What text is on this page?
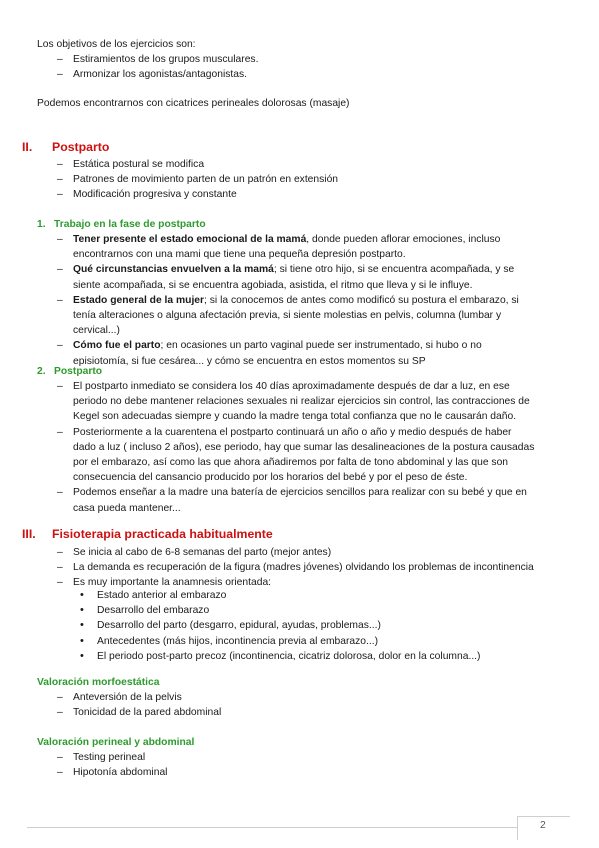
Los objetivos de los ejercicios son:
– Estiramientos de los grupos musculares.
– Armonizar los agonistas/antagonistas.
Podemos encontrarnos con cicatrices perineales dolorosas (masaje)
II. Postparto
– Estática postural se modifica
– Patrones de movimiento parten de un patrón en extensión
– Modificación progresiva y constante
1. Trabajo en la fase de postparto
– Tener presente el estado emocional de la mamá, donde pueden aflorar emociones, incluso encontrarnos con una mami que tiene una pequeña depresión postparto.
– Qué circunstancias envuelven a la mamá; si tiene otro hijo, si se encuentra acompañada, y se siente acompañada, si se encuentra agobiada, asistida, el ritmo que lleva y si le influye.
– Estado general de la mujer; si la conocemos de antes como modificó su postura el embarazo, si tenía alteraciones o alguna afectación previa, si siente molestias en pelvis, columna (lumbar y cervical...)
– Cómo fue el parto; en ocasiones un parto vaginal puede ser instrumentado, si hubo o no episiotomía, si fue cesárea... y cómo se encuentra en estos momentos su SP
2. Postparto
– El postparto inmediato se considera los 40 días aproximadamente después de dar a luz, en ese periodo no debe mantener relaciones sexuales ni realizar ejercicios sin control, las contracciones de Kegel son adecuadas siempre y cuando la madre tenga total confianza que no le causarán daño.
– Posteriormente a la cuarentena el postparto continuará un año o año y medio después de haber dado a luz ( incluso 2 años), ese periodo, hay que sumar las desalineaciones de la postura causadas por el embarazo, así como las que ahora añadiremos por falta de tono abdominal y las que son consecuencia del cansancio producido por los horarios del bebé y por el peso de éste.
– Podemos enseñar a la madre una batería de ejercicios sencillos para realizar con su bebé y que en casa pueda mantener...
III. Fisioterapia practicada habitualmente
– Se inicia al cabo de 6-8 semanas del parto (mejor antes)
– La demanda es recuperación de la figura (madres jóvenes) olvidando los problemas de incontinencia
– Es muy importante la anamnesis orientada:
• Estado anterior al embarazo
• Desarrollo del embarazo
• Desarrollo del parto (desgarro, epidural, ayudas, problemas...)
• Antecedentes (más hijos, incontinencia previa al embarazo...)
• El periodo post-parto precoz (incontinencia, cicatriz dolorosa, dolor en la columna...)
Valoración morfoestática
– Anteversión de la pelvis
– Tonicidad de la pared abdominal
Valoración perineal y abdominal
– Testing perineal
– Hipotonía abdominal
2
